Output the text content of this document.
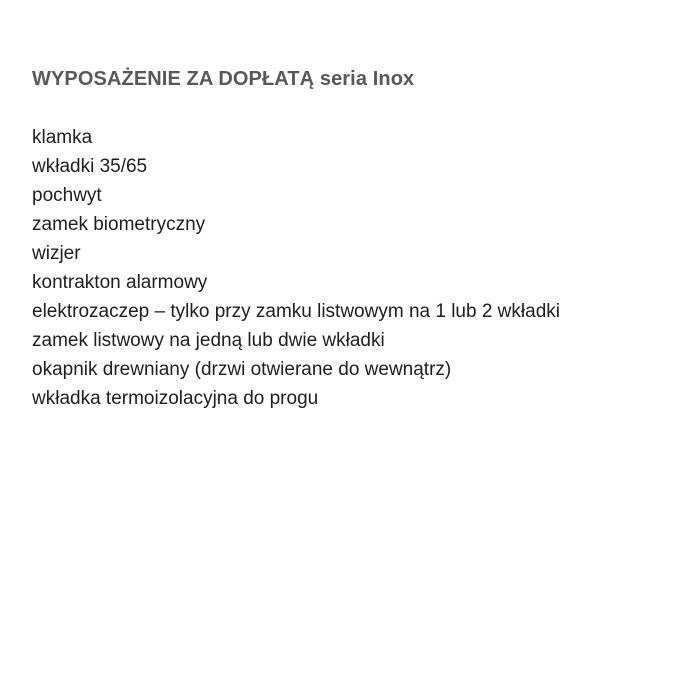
WYPOSAŻENIE ZA DOPŁATĄ seria Inox
klamka
wkładki 35/65
pochwyt
zamek biometryczny
wizjer
kontrakton alarmowy
elektrozaczep – tylko przy zamku listwowym na 1 lub 2 wkładki
zamek listwowy na jedną lub dwie wkładki
okapnik drewniany (drzwi otwierane do wewnątrz)
wkładka termoizolacyjna do progu
